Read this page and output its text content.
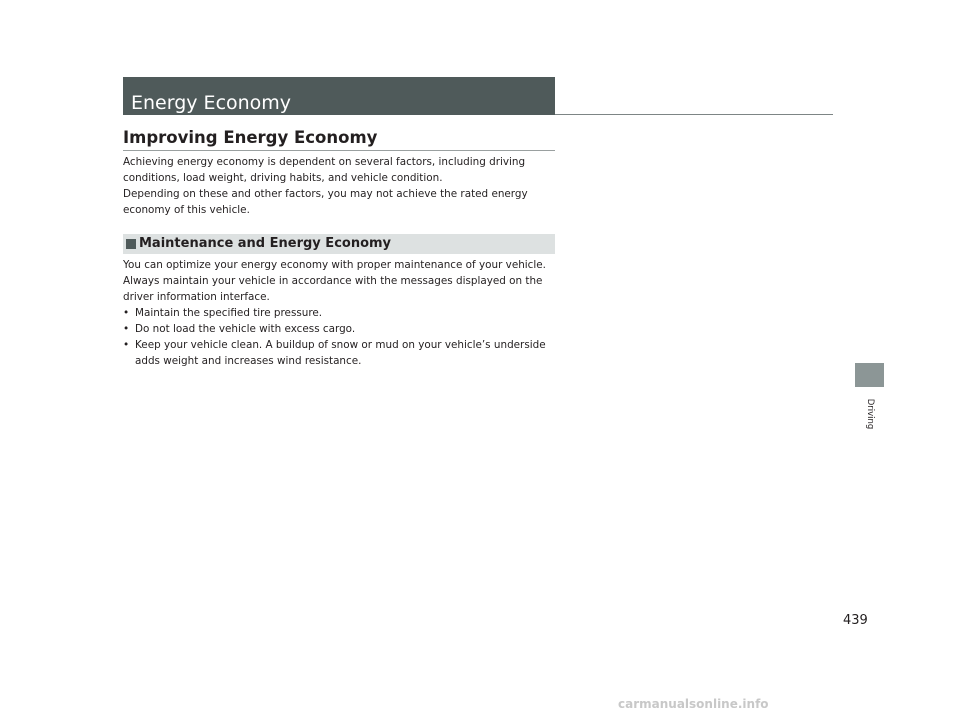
Energy Economy
Improving Energy Economy

Achieving energy economy is dependent on several factors, including driving
conditions, load weight, driving habits, and vehicle condition.
Depending on these and other factors, you may not achieve the rated energy
economy of this vehicle.

Maintenance and Energy Economy

You can optimize your energy economy with proper maintenance of your vehicle.
Always maintain your vehicle in accordance with the messages displayed on the
driver information interface.

• Maintain the specified tire pressure.
• Do not load the vehicle with excess cargo.
• Keep your vehicle clean. A buildup of snow or mud on your vehicle’s underside
adds weight and increases wind resistance.
Driving
439
carmanualsonline.info
